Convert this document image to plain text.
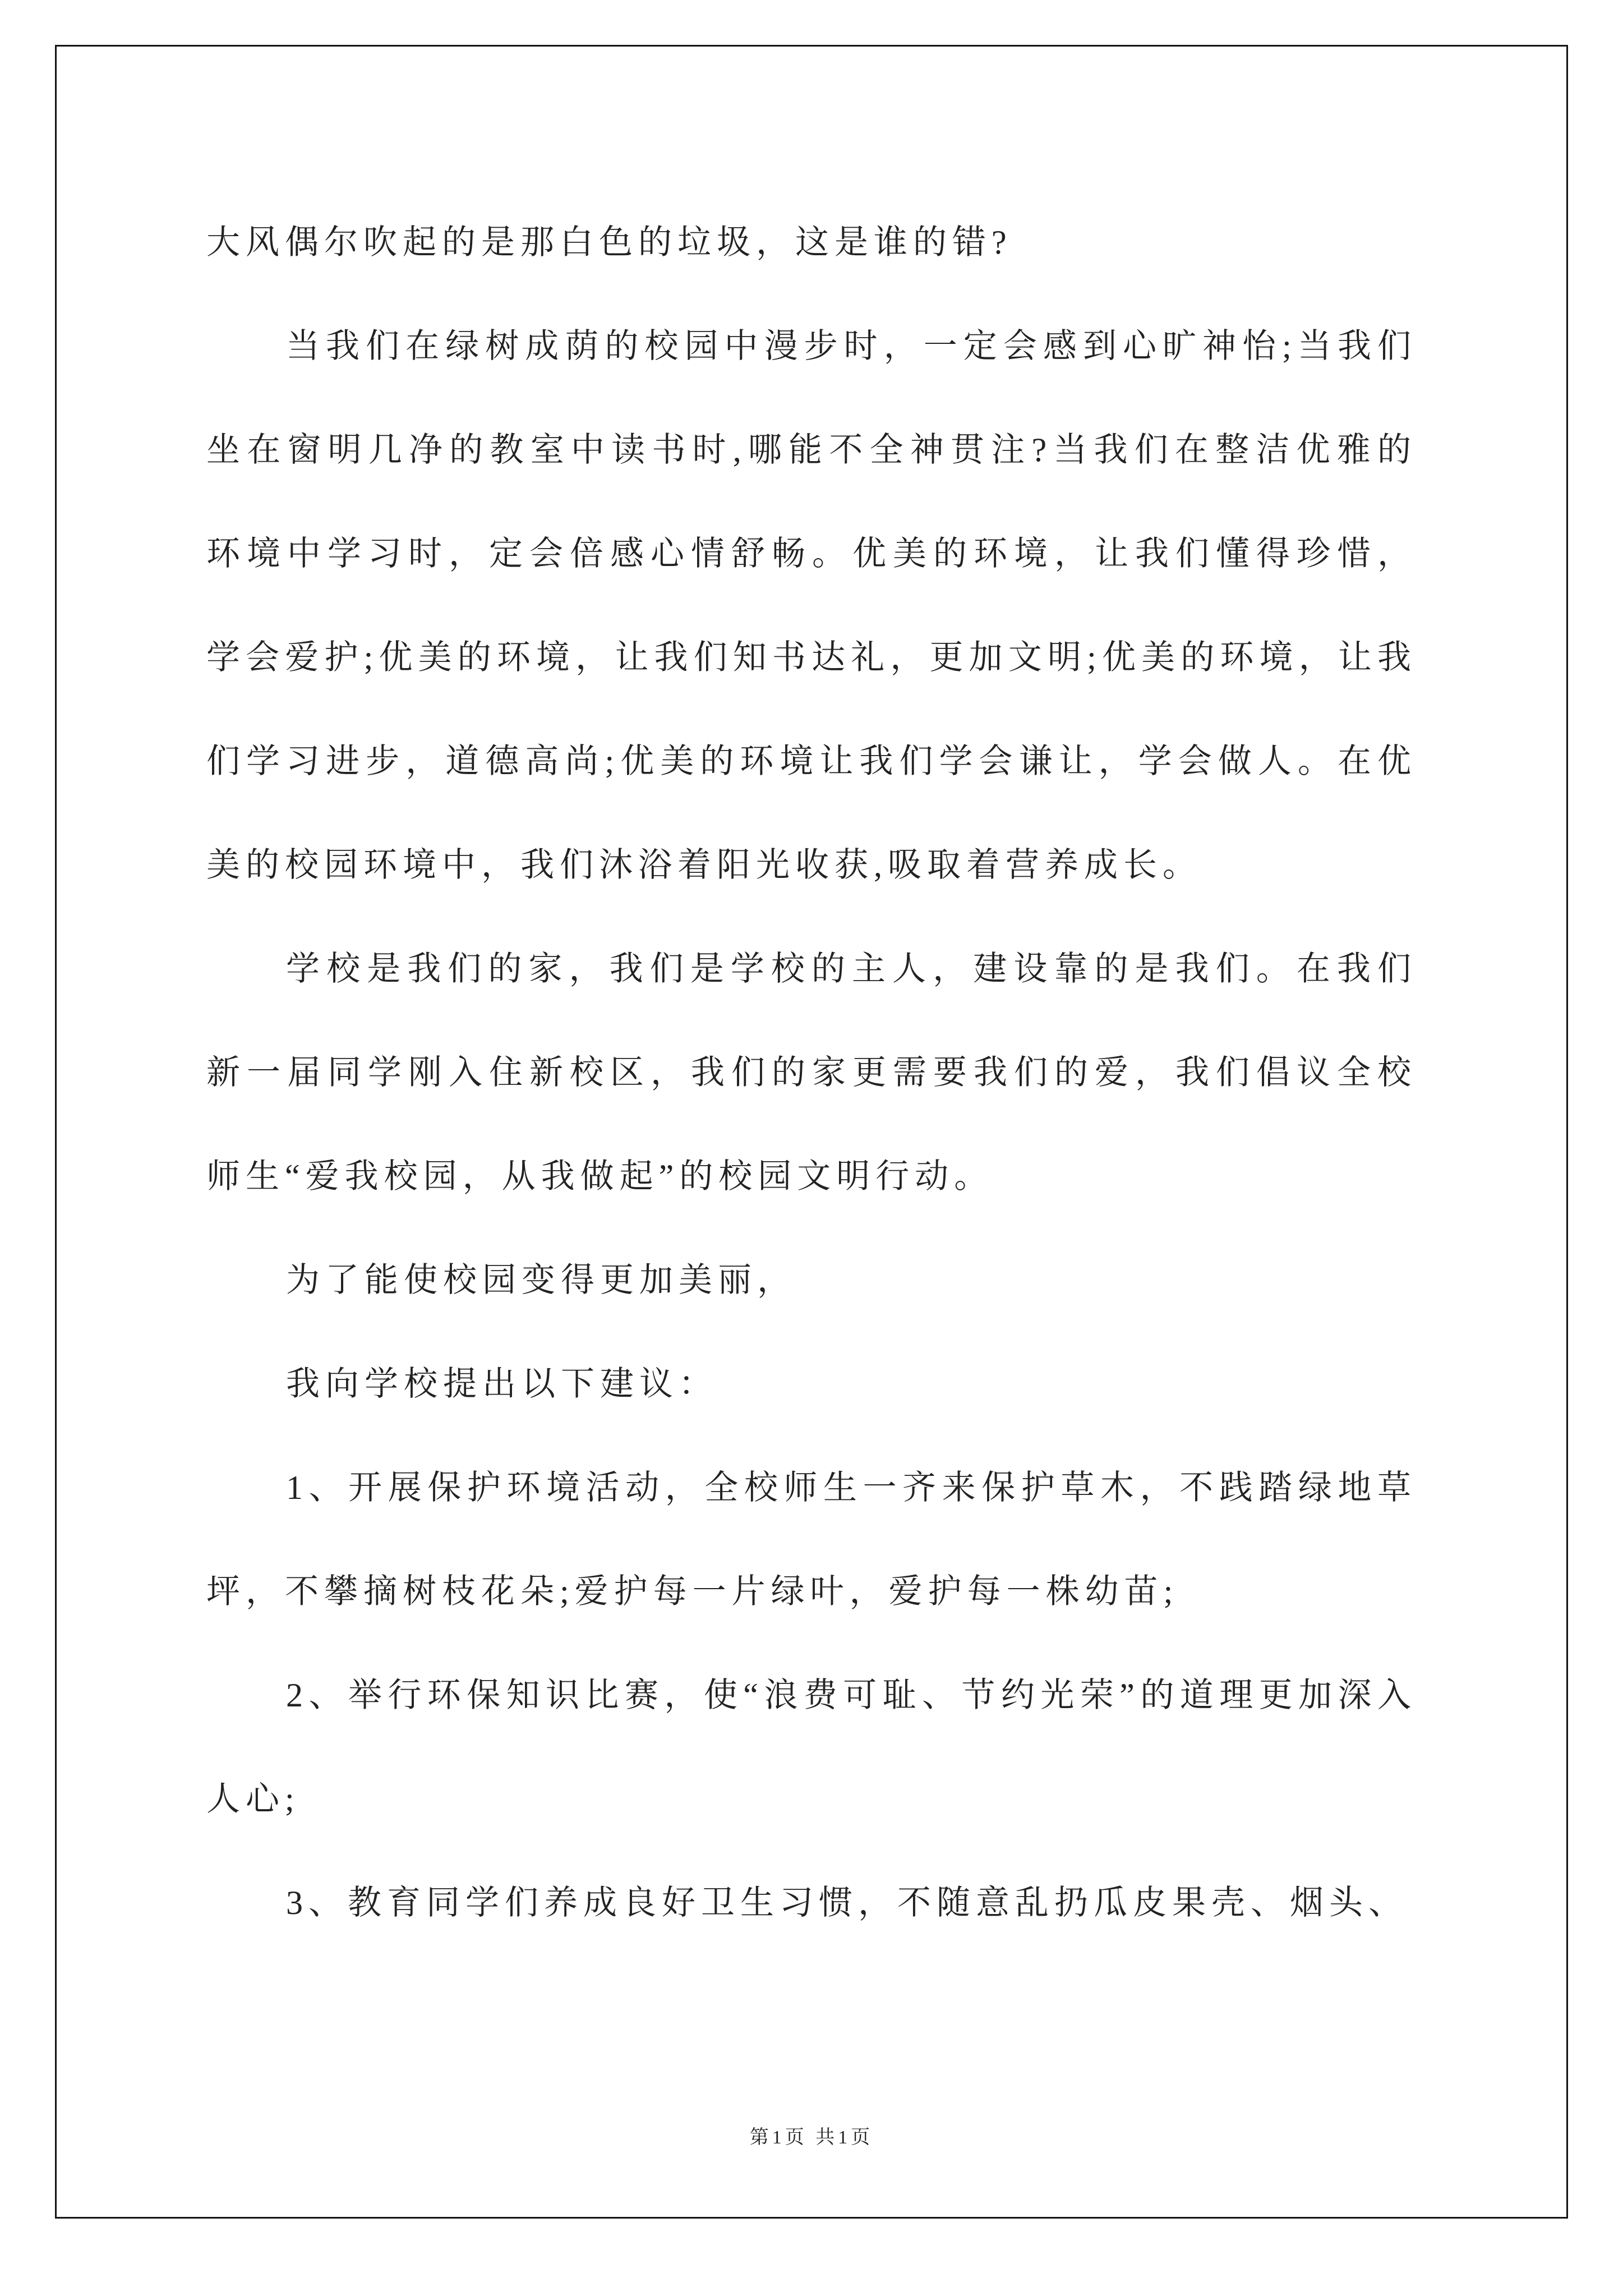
大风偶尔吹起的是那白色的垃圾，这是谁的错?

当我们在绿树成荫的校园中漫步时，一定会感到心旷神怡;当我们坐在窗明几净的教室中读书时,哪能不全神贯注?当我们在整洁优雅的环境中学习时，定会倍感心情舒畅。优美的环境，让我们懂得珍惜，学会爱护;优美的环境，让我们知书达礼，更加文明;优美的环境，让我们学习进步，道德高尚;优美的环境让我们学会谦让，学会做人。在优美的校园环境中，我们沐浴着阳光收获,吸取着营养成长。

学校是我们的家，我们是学校的主人，建设靠的是我们。在我们新一届同学刚入住新校区，我们的家更需要我们的爱，我们倡议全校师生“爱我校园，从我做起”的校园文明行动。

为了能使校园变得更加美丽，

我向学校提出以下建议：

1、开展保护环境活动，全校师生一齐来保护草木，不践踏绿地草坪，不攀摘树枝花朵;爱护每一片绿叶，爱护每一株幼苗;

2、举行环保知识比赛，使“浪费可耻、节约光荣”的道理更加深入人心;

3、教育同学们养成良好卫生习惯，不随意乱扔瓜皮果壳、烟头、

第1页 共1页
